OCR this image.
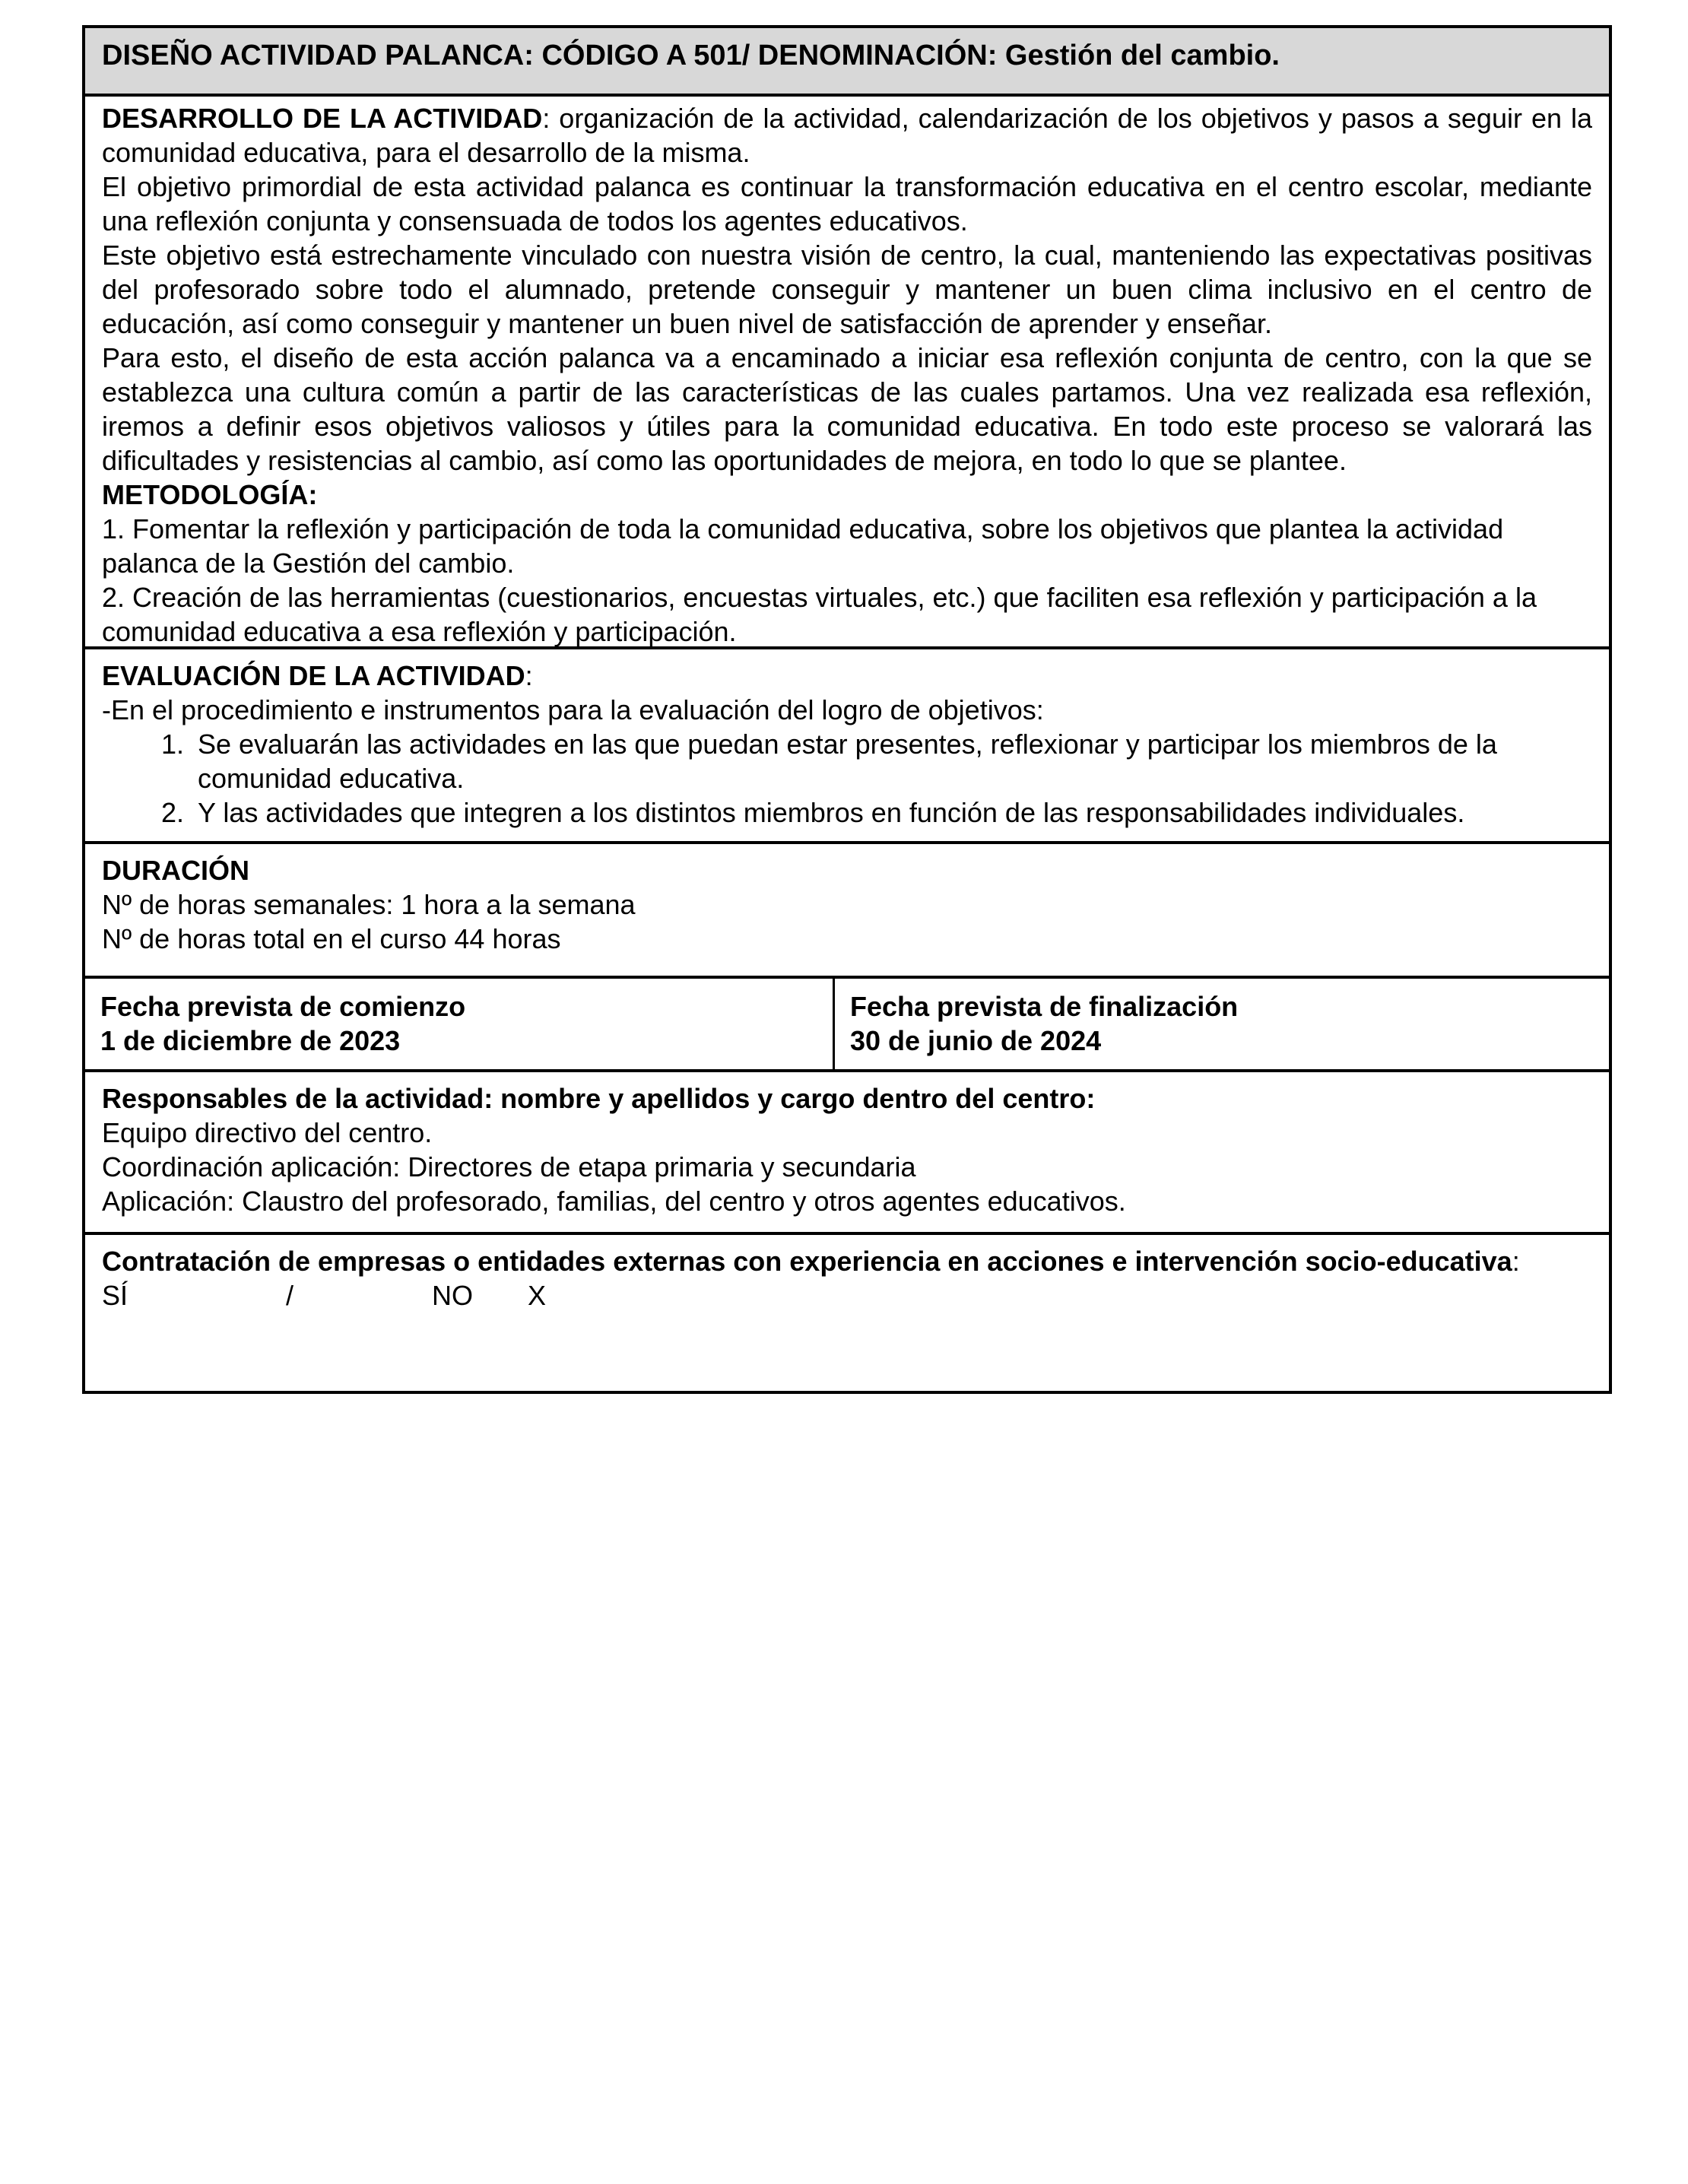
DISEÑO ACTIVIDAD PALANCA: CÓDIGO A 501/ DENOMINACIÓN: Gestión del cambio.

DESARROLLO DE LA ACTIVIDAD: organización de la actividad, calendarización de los objetivos y pasos a seguir en la comunidad educativa, para el desarrollo de la misma.

El objetivo primordial de esta actividad palanca es continuar la transformación educativa en el centro escolar, mediante una reflexión conjunta y consensuada de todos los agentes educativos.

Este objetivo está estrechamente vinculado con nuestra visión de centro, la cual, manteniendo las expectativas positivas del profesorado sobre todo el alumnado, pretende conseguir y mantener un buen clima inclusivo en el centro de educación, así como conseguir y mantener un buen nivel de satisfacción de aprender y enseñar.

Para esto, el diseño de esta acción palanca va a encaminado a iniciar esa reflexión conjunta de centro, con la que se establezca una cultura común a partir de las características de las cuales partamos. Una vez realizada esa reflexión, iremos a definir esos objetivos valiosos y útiles para la comunidad educativa. En todo este proceso se valorará las dificultades y resistencias al cambio, así como las oportunidades de mejora, en todo lo que se plantee.

METODOLOGÍA:

1. Fomentar la reflexión y participación de toda la comunidad educativa, sobre los objetivos que plantea la actividad palanca de la Gestión del cambio.

2. Creación de las herramientas (cuestionarios, encuestas virtuales, etc.) que faciliten esa reflexión y participación a la comunidad educativa a esa reflexión y participación.

EVALUACIÓN DE LA ACTIVIDAD:

-En el procedimiento e instrumentos para la evaluación del logro de objetivos:

1. Se evaluarán las actividades en las que puedan estar presentes, reflexionar y participar los miembros de la comunidad educativa.
2. Y las actividades que integren a los distintos miembros en función de las responsabilidades individuales.

DURACIÓN

Nº de horas semanales: 1 hora a la semana

Nº de horas total en el curso 44 horas

Fecha prevista de comienzo

1 de diciembre de 2023

Fecha prevista de finalización

30 de junio de 2024

Responsables de la actividad: nombre y apellidos y cargo dentro del centro:

Equipo directivo del centro.

Coordinación aplicación: Directores de etapa primaria y secundaria

Aplicación: Claustro del profesorado, familias, del centro y otros agentes educativos.

Contratación de empresas o entidades externas con experiencia en acciones e intervención socio-educativa:

SÍ	/	NO X
